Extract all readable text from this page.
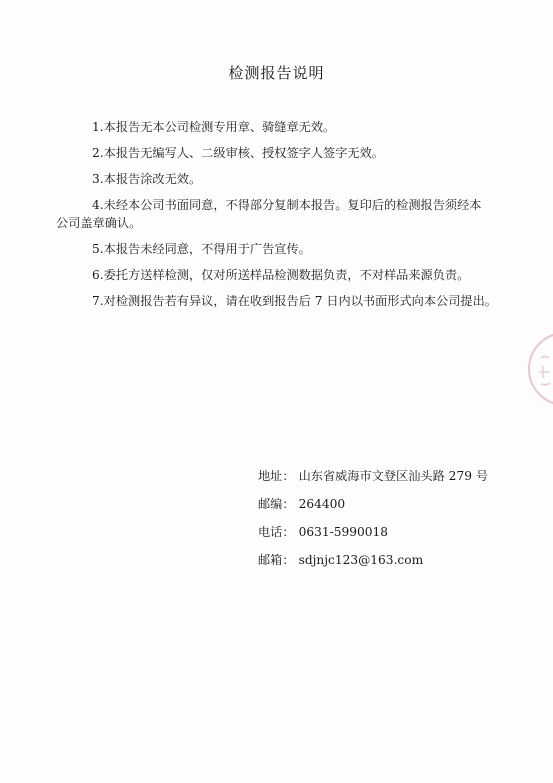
检测报告说明
1.本报告无本公司检测专用章、骑缝章无效。
2.本报告无编写人、二级审核、授权签字人签字无效。
3.本报告涂改无效。
4.未经本公司书面同意，不得部分复制本报告。复印后的检测报告须经本
公司盖章确认。
5.本报告未经同意，不得用于广告宣传。
6.委托方送样检测，仅对所送样品检测数据负责，不对样品来源负责。
7.对检测报告若有异议，请在收到报告后 7 日内以书面形式向本公司提出。
地址： 山东省威海市文登区汕头路 279 号
邮编： 264400
电话： 0631-5990018
邮箱： sdjnjc123@163.com
